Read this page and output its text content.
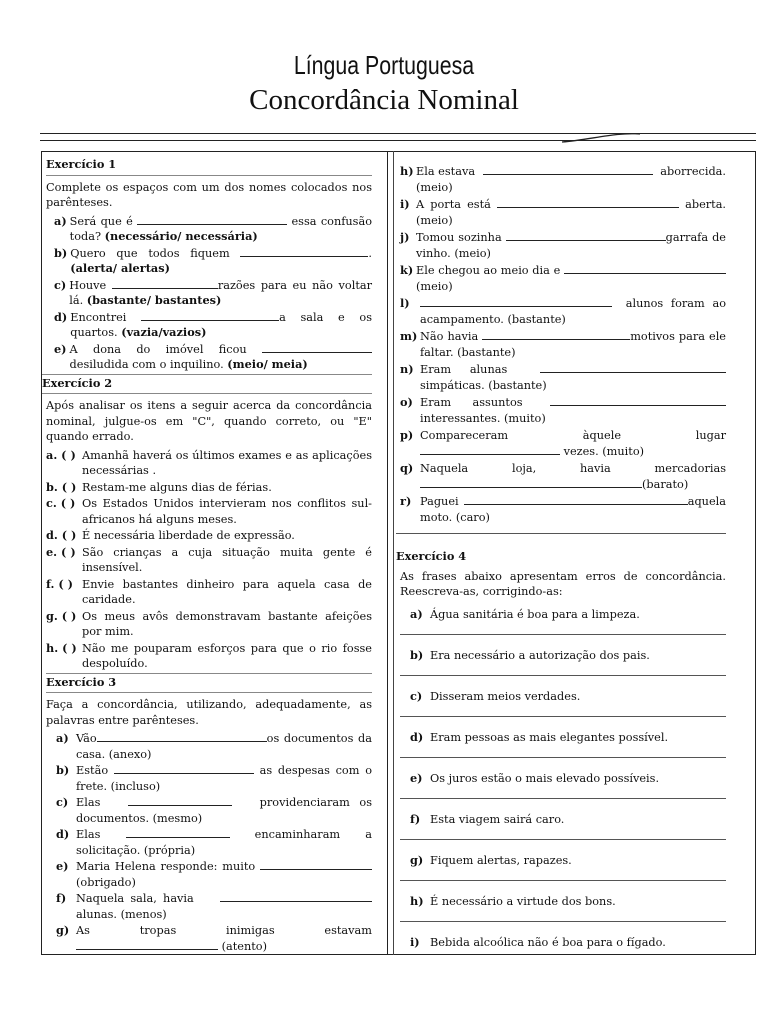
Língua Portuguesa
Concordância Nominal
Exercício 1

Complete os espaços com um dos nomes colocados nos parênteses.

a) Será que é	essa confusão toda? (necessário/ necessária)
b) Quero que todos fiquem	. (alerta/ alertas)
c) Houve	razões para eu não voltar lá. (bastante/ bastantes)
d) Encontrei	a sala e os quartos. (vazia/vazios)
e) A dona do imóvel ficou  desiludida com o inquilino. (meio/ meia)
Exercício 2

Após analisar os itens a seguir acerca da concordância nominal, julgue-os em "C", quando correto, ou "E" quando errado.

a. ( ) Amanhã haverá os últimos exames e as aplicações necessárias .
b. ( ) Restam-me alguns dias de férias.
c. ( ) Os Estados Unidos intervieram nos conflitos sul-africanos há alguns meses.
d. ( ) É necessária liberdade de expressão.
e. ( ) São crianças a cuja situação muita gente é insensível.
f. ( ) Envie bastantes dinheiro para aquela casa de caridade.
g. ( ) Os meus avôs demonstravam bastante afeições por mim.
h. ( ) Não me pouparam esforços para que o rio fosse despoluído.
Exercício 3

Faça a concordância, utilizando, adequadamente, as palavras entre parênteses.

a) Vão	os documentos da casa. (anexo)
b) Estão	as despesas com o frete. (incluso)
c) Elas	providenciaram os documentos. (mesmo)
d) Elas	encaminharam a solicitação. (própria)
e) Maria Helena responde: muito  (obrigado)
f) Naquela sala, havia  alunas. (menos)
g) As tropas inimigas estavam  (atento)
h) Ela estava	aborrecida. (meio)
i) A porta está	aberta. (meio)
j) Tomou sozinha	garrafa de vinho. (meio)
k) Ele chegou ao meio dia e  (meio)
l)	alunos foram ao acampamento. (bastante)
m) Não havia	motivos para ele faltar. (bastante)
n) Eram alunas  simpáticas. (bastante)
o) Eram assuntos  interessantes. (muito)
p) Compareceram àquele lugar  vezes. (muito)
q) Naquela loja, havia mercadorias (barato)
r) Paguei	aquela moto. (caro)
Exercício 4

As frases abaixo apresentam erros de concordância. Reescreva-as, corrigindo-as:

a) Água sanitária é boa para a limpeza.
b) Era necessário a autorização dos pais.
c) Disseram meios verdades.
d) Eram pessoas as mais elegantes possível.
e) Os juros estão o mais elevado possíveis.
f) Esta viagem sairá caro.
g) Fiquem alertas, rapazes.
h) É necessário a virtude dos bons.
i) Bebida alcoólica não é boa para o fígado.
